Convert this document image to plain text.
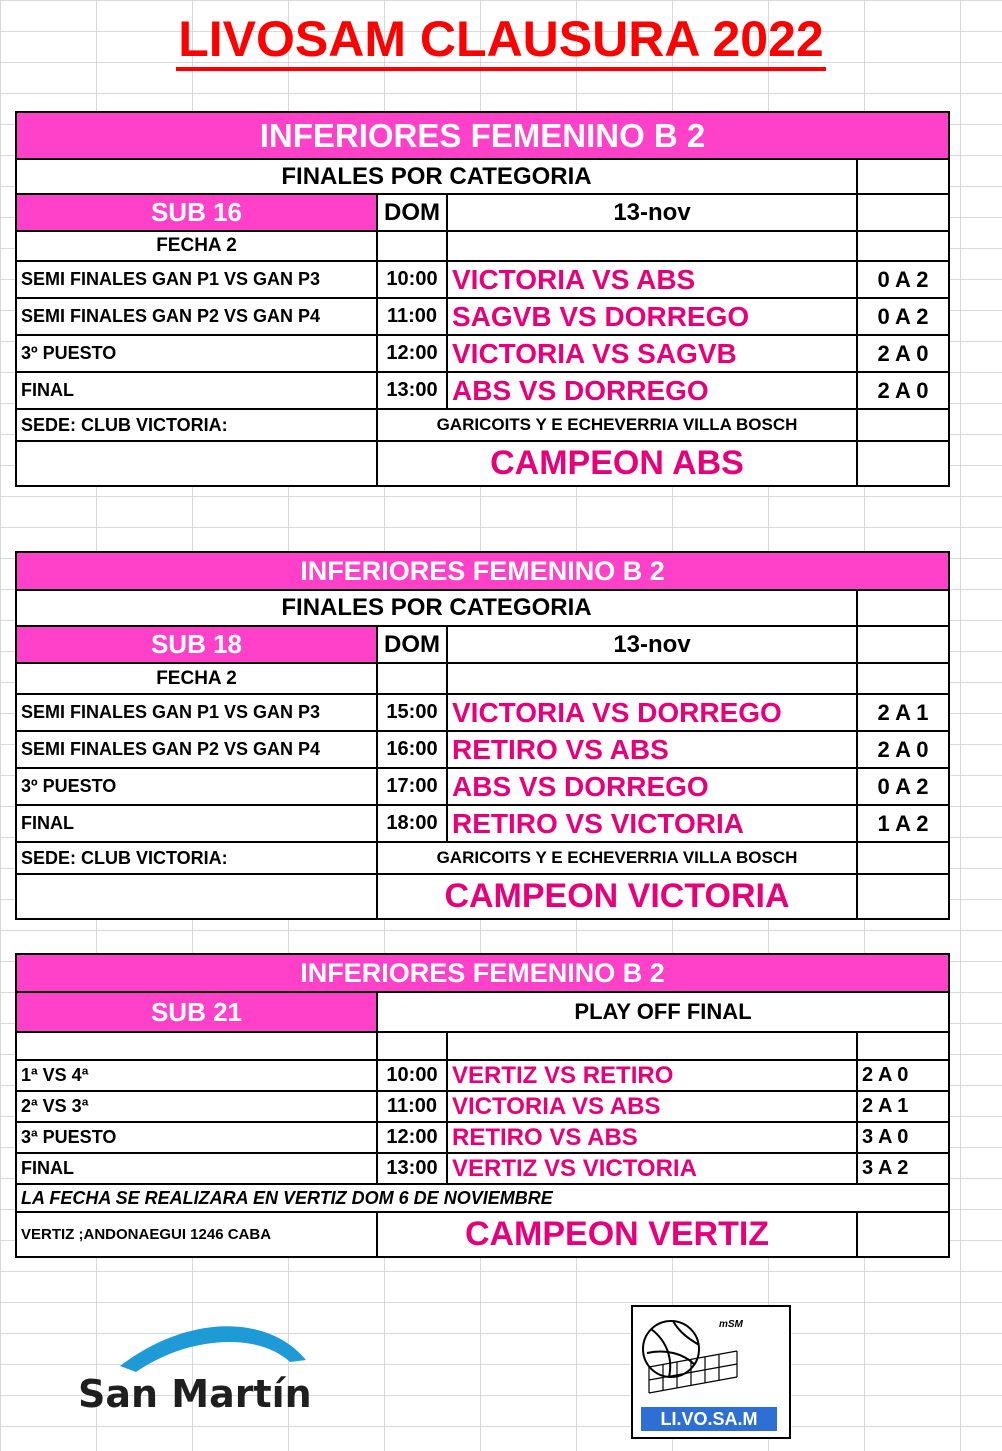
LIVOSAM CLAUSURA 2022
INFERIORES FEMENINO B 2			
FINALES POR CATEGORIA			
SUB 16	DOM	13-nov	
FECHA 2			
SEMI FINALES GAN P1 VS GAN P3	10:00	VICTORIA VS ABS	0 A 2
SEMI FINALES GAN P2 VS GAN P4	11:00	SAGVB VS DORREGO	0 A 2
3º PUESTO	12:00	VICTORIA VS SAGVB	2 A 0
FINAL	13:00	ABS VS DORREGO	2 A 0
SEDE: CLUB VICTORIA:	GARICOITS Y E ECHEVERRIA VILLA BOSCH		
	CAMPEON ABS		
INFERIORES FEMENINO B 2			
FINALES POR CATEGORIA			
SUB 18	DOM	13-nov	
FECHA 2			
SEMI FINALES GAN P1 VS GAN P3	15:00	VICTORIA VS DORREGO	2 A 1
SEMI FINALES GAN P2 VS GAN P4	16:00	RETIRO VS ABS	2 A 0
3º PUESTO	17:00	ABS VS DORREGO	0 A 2
FINAL	18:00	RETIRO VS VICTORIA	1 A 2
SEDE: CLUB VICTORIA:	GARICOITS Y E ECHEVERRIA VILLA BOSCH		
	CAMPEON VICTORIA		
INFERIORES FEMENINO B 2			
SUB 21	PLAY OFF FINAL		

1ª VS 4ª	10:00	VERTIZ VS RETIRO	2 A 0
2ª VS 3ª	11:00	VICTORIA VS ABS	2 A 1
3ª PUESTO	12:00	RETIRO VS ABS	3 A 0
FINAL	13:00	VERTIZ VS VICTORIA	3 A 2
LA FECHA SE REALIZARA EN VERTIZ DOM 6 DE NOVIEMBRE			
VERTIZ ;ANDONAEGUI 1246 CABA	CAMPEON VERTIZ		
San Martín
mSM
LI.VO.SA.M
